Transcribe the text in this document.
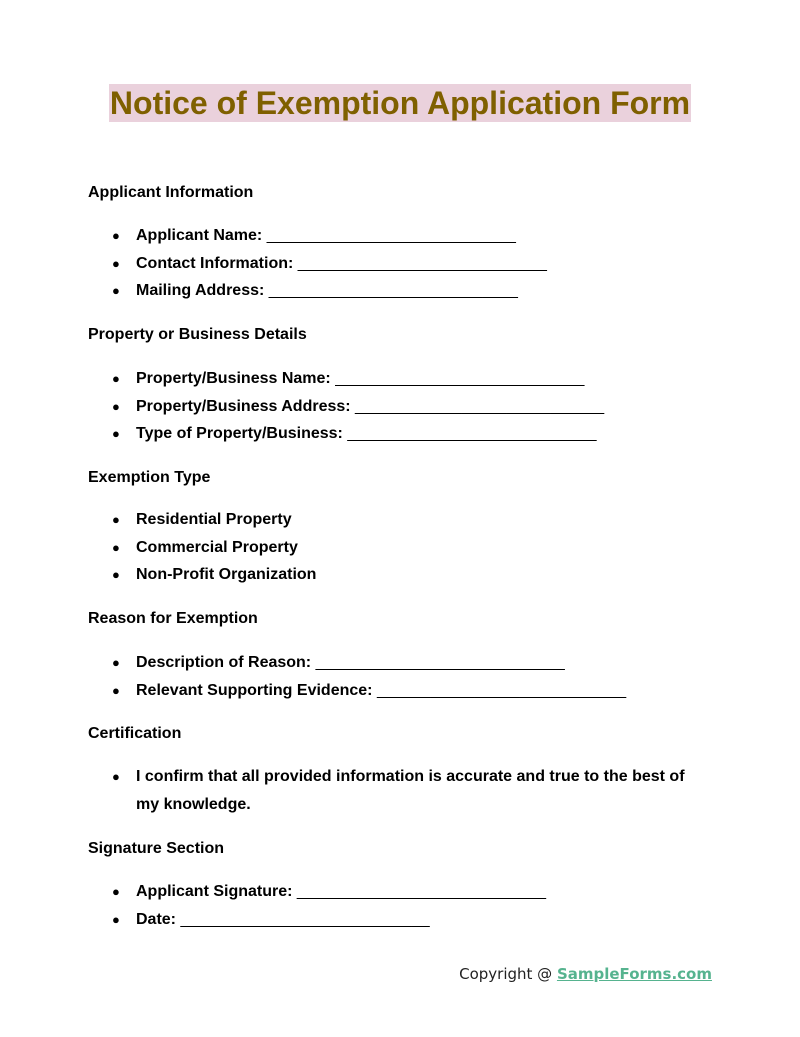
Notice of Exemption Application Form

Applicant Information

● Applicant Name: ____________________________
● Contact Information: ____________________________
● Mailing Address: ____________________________

Property or Business Details

● Property/Business Name: ____________________________
● Property/Business Address: ____________________________
● Type of Property/Business: ____________________________

Exemption Type

● Residential Property
● Commercial Property
● Non-Profit Organization

Reason for Exemption

● Description of Reason: ____________________________
● Relevant Supporting Evidence: ____________________________

Certification

● I confirm that all provided information is accurate and true to the best of my knowledge.

Signature Section

● Applicant Signature: ____________________________
● Date: ____________________________
Copyright @ SampleForms.com
